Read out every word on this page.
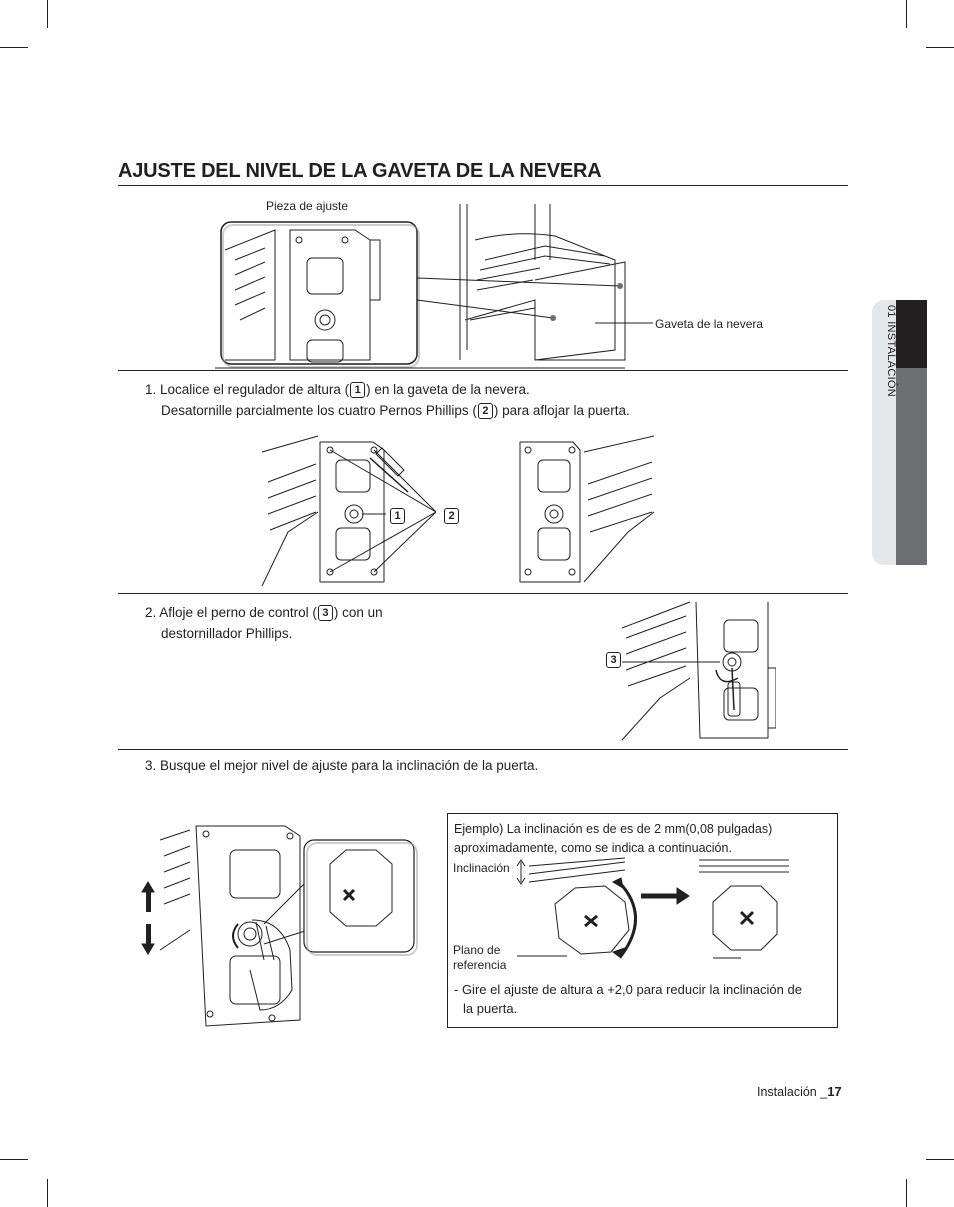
01 INSTALACIÓN
AJUSTE DEL NIVEL DE LA GAVETA DE LA NEVERA
Pieza de ajuste
Gaveta de la nevera
1. Localice el regulador de altura ( 1 ) en la gaveta de la nevera.
Desatornille parcialmente los cuatro Pernos Phillips ( 2 ) para aflojar la puerta.
1	2
2. Afloje el perno de control ( 3 ) con un
destornillador Phillips.
3
3. Busque el mejor nivel de ajuste para la inclinación de la puerta.
Ejemplo) La inclinación es de es de 2 mm(0,08 pulgadas)
aproximadamente, como se indica a continuación.
Inclinación
Plano de
referencia
- Gire el ajuste de altura a +2,0 para reducir la inclinación de
la puerta.
Instalación _17
